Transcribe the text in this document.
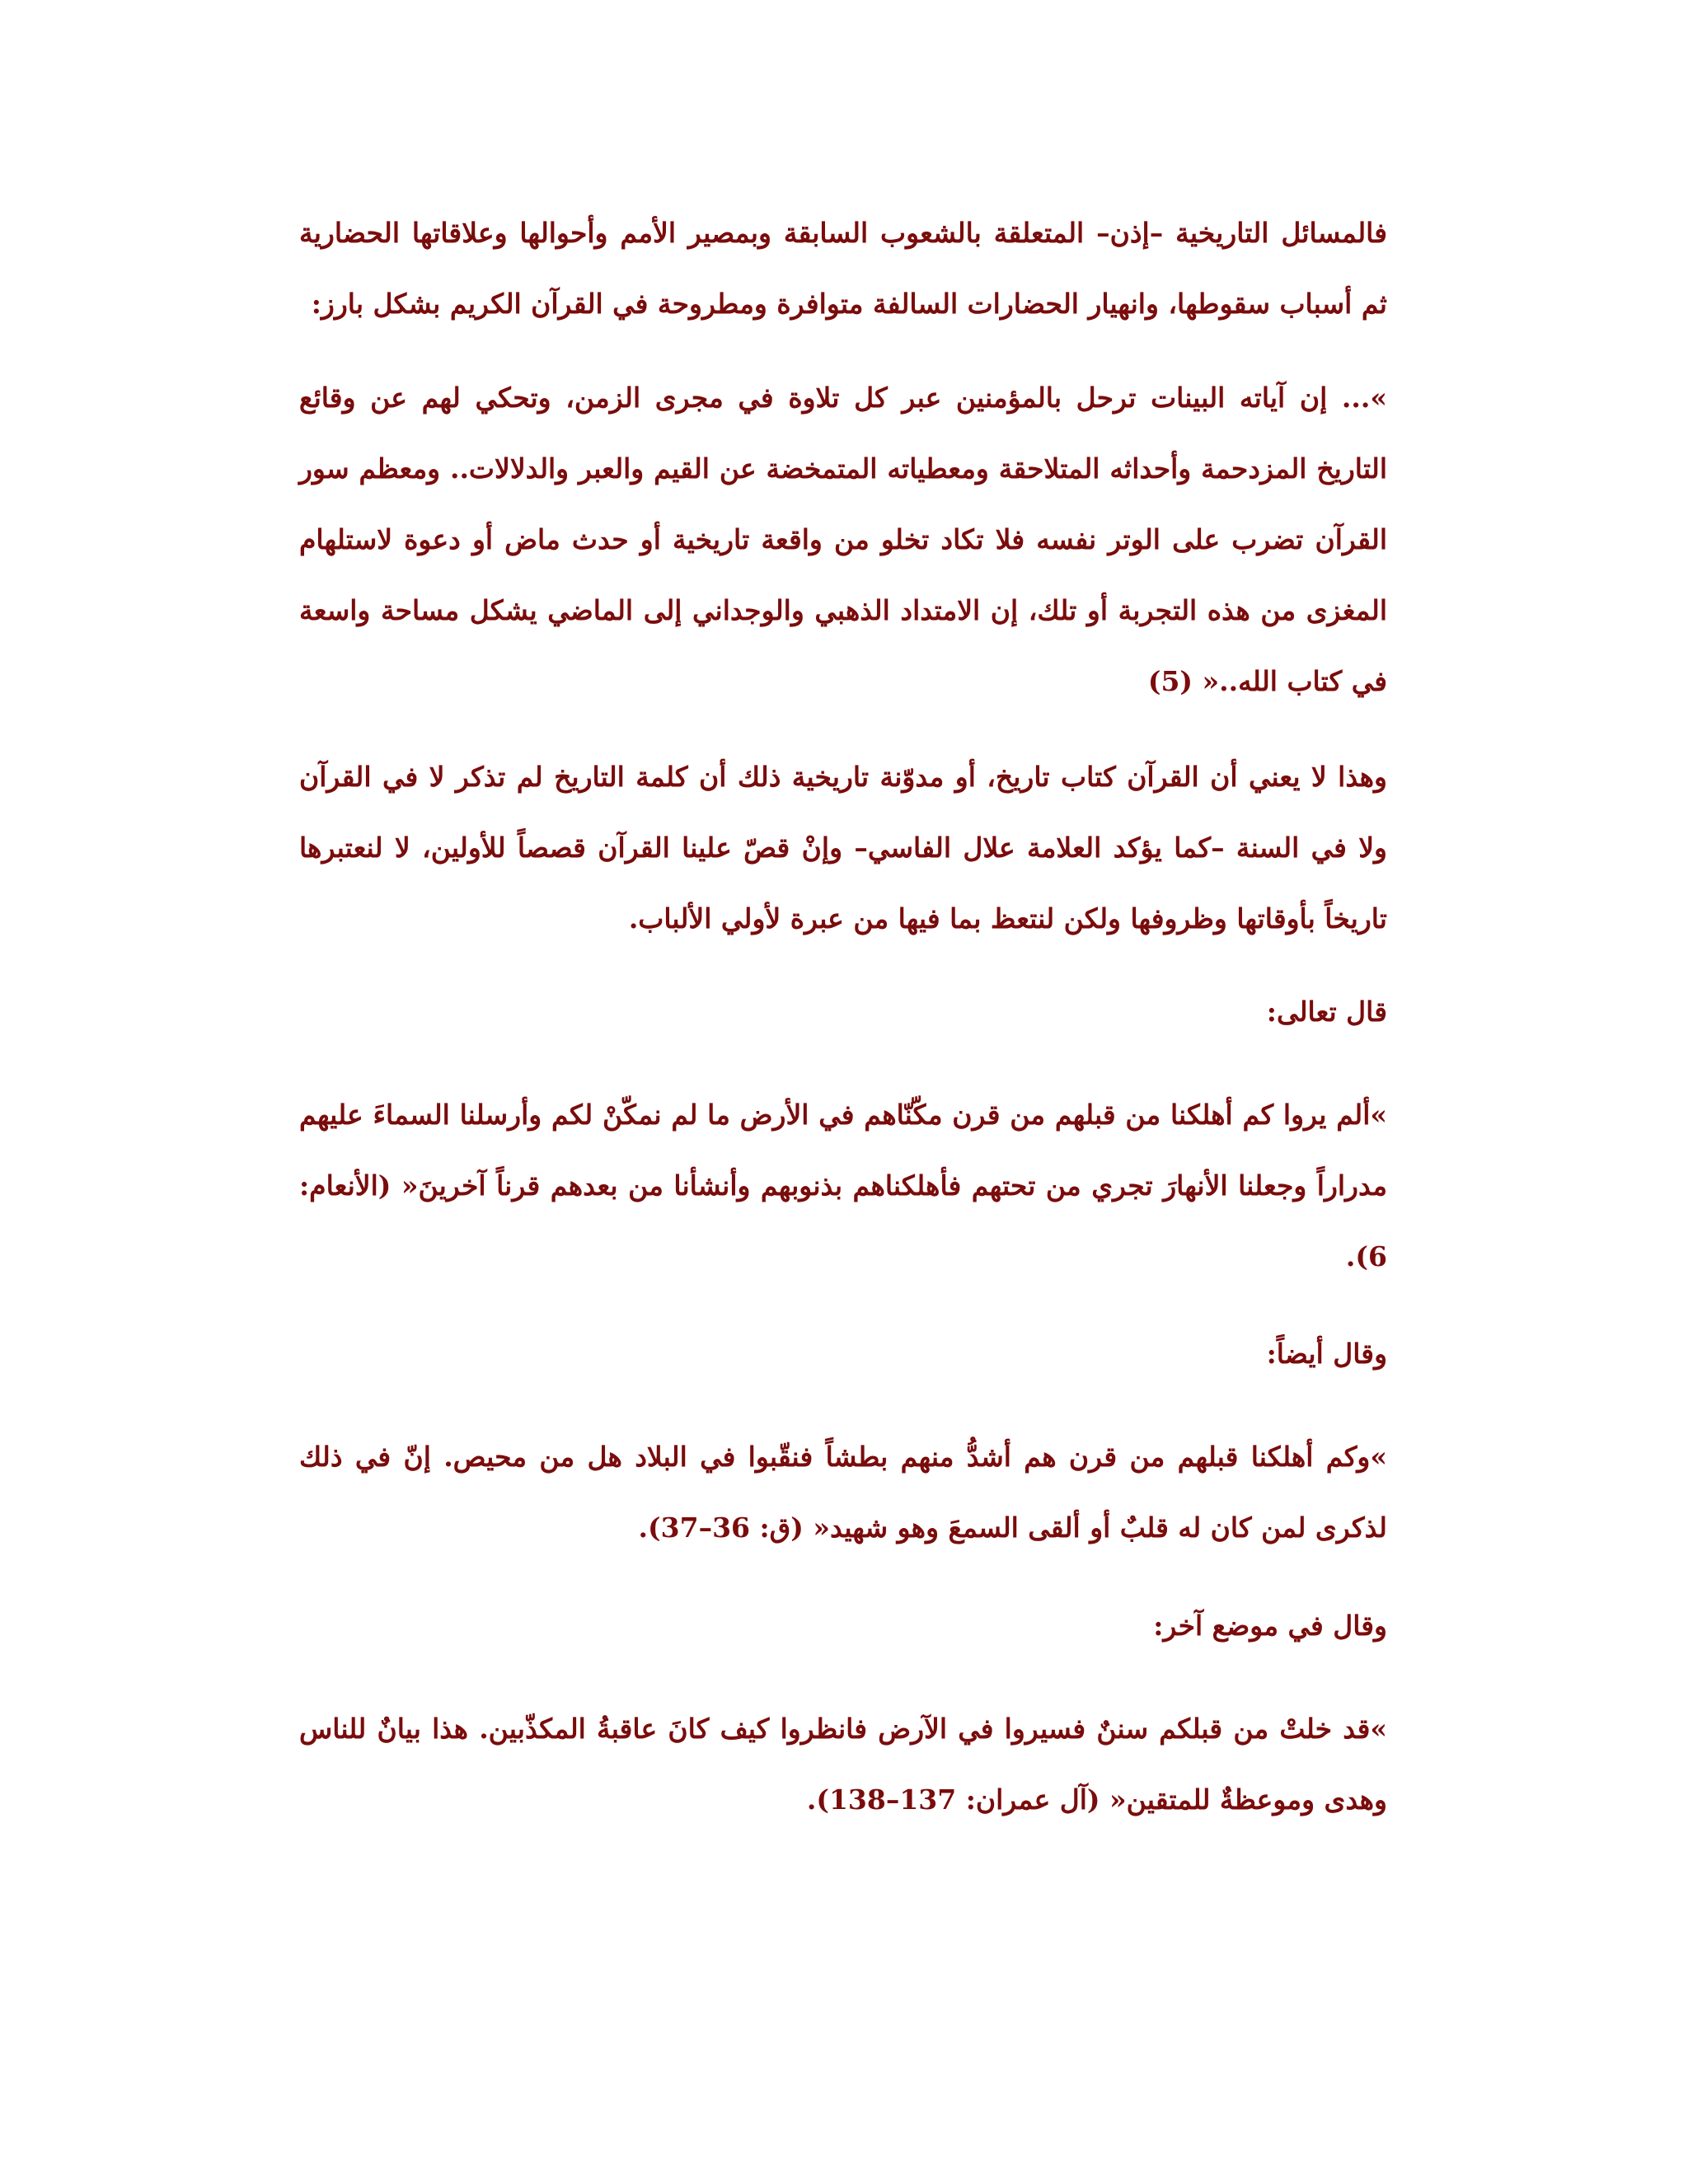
فالمسائل التاريخية –إذن– المتعلقة بالشعوب السابقة وبمصير الأمم وأحوالها وعلاقاتها الحضارية ثم أسباب سقوطها، وانهيار الحضارات السالفة متوافرة ومطروحة في القرآن الكريم بشكل بارز:

»... إن آياته البينات ترحل بالمؤمنين عبر كل تلاوة في مجرى الزمن، وتحكي لهم عن وقائع التاريخ المزدحمة وأحداثه المتلاحقة ومعطياته المتمخضة عن القيم والعبر والدلالات.. ومعظم سور القرآن تضرب على الوتر نفسه فلا تكاد تخلو من واقعة تاريخية أو حدث ماض أو دعوة لاستلهام المغزى من هذه التجربة أو تلك، إن الامتداد الذهبي والوجداني إلى الماضي يشكل مساحة واسعة في كتاب الله..« (5)

وهذا لا يعني أن القرآن كتاب تاريخ، أو مدوّنة تاريخية ذلك أن كلمة التاريخ لم تذكر لا في القرآن ولا في السنة –كما يؤكد العلامة علال الفاسي– وإنْ قصّ علينا القرآن قصصاً للأولين، لا لنعتبرها تاريخاً بأوقاتها وظروفها ولكن لنتعظ بما فيها من عبرة لأولي الألباب.

قال تعالى:

»ألم يروا كم أهلكنا من قبلهم من قرن مكّنّاهم في الأرض ما لم نمكّنْ لكم وأرسلنا السماءَ عليهم مدراراً وجعلنا الأنهارَ تجري من تحتهم فأهلكناهم بذنوبهم وأنشأنا من بعدهم قرناً آخرينَ« (الأنعام: 6).

وقال أيضاً:

»وكم أهلكنا قبلهم من قرن هم أشدُّ منهم بطشاً فنقّبوا في البلاد هل من محيص. إنّ في ذلك لذكرى لمن كان له قلبٌ أو ألقى السمعَ وهو شهيد« (ق: 36–37).

وقال في موضع آخر:

»قد خلتْ من قبلكم سننٌ فسيروا في الآرض فانظروا كيف كانَ عاقبةُ المكذّبين. هذا بيانٌ للناس وهدى وموعظةٌ للمتقين« (آل عمران: 137–138).
